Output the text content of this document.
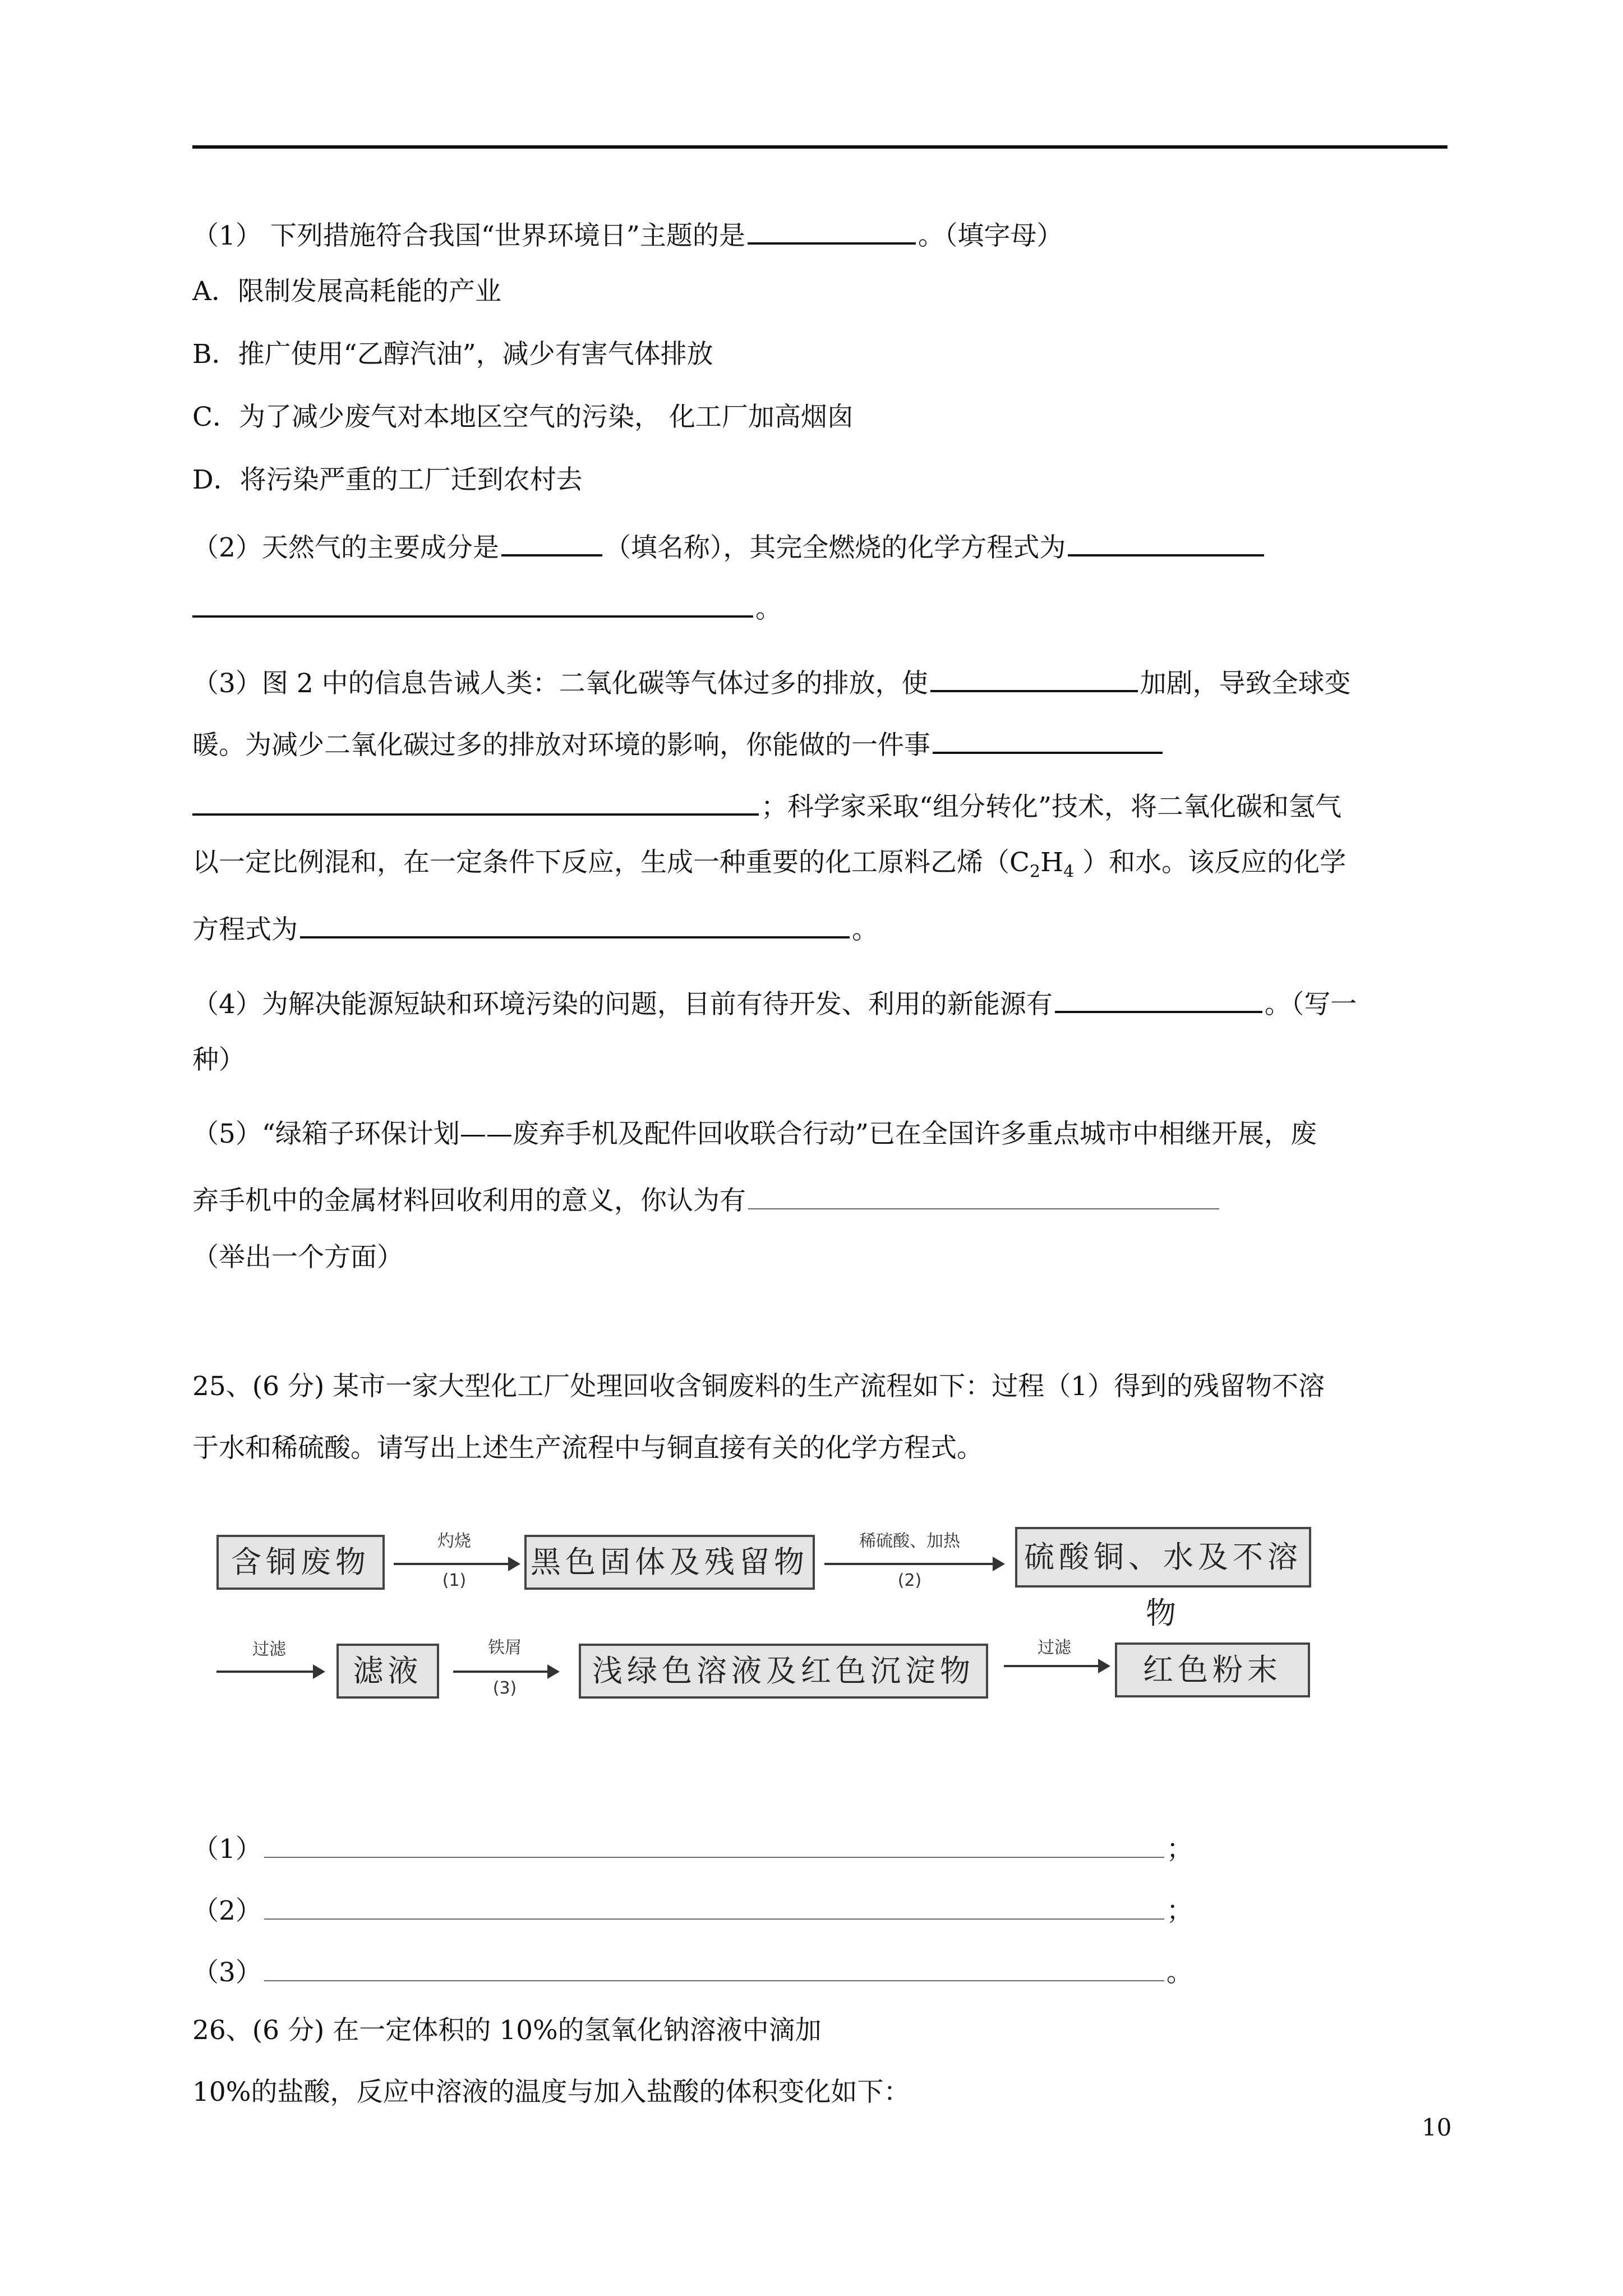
（1） 下列措施符合我国“世界环境日”主题的是	。（填字母）
A．限制发展高耗能的产业
B．推广使用“乙醇汽油”，减少有害气体排放
C．为了减少废气对本地区空气的污染， 化工厂加高烟囱
D．将污染严重的工厂迁到农村去
（2）天然气的主要成分是	（填名称），其完全燃烧的化学方程式为
。
（3）图 2 中的信息告诫人类：二氧化碳等气体过多的排放，使	加剧，导致全球变
暖。为减少二氧化碳过多的排放对环境的影响，你能做的一件事
；科学家采取“组分转化”技术，将二氧化碳和氢气
以一定比例混和，在一定条件下反应，生成一种重要的化工原料乙烯（$C_2H_4$ ）和水。该反应的化学
方程式为	。
（4）为解决能源短缺和环境污染的问题，目前有待开发、利用的新能源有	。（写一
种）
（5）“绿箱子环保计划——废弃手机及配件回收联合行动”已在全国许多重点城市中相继开展，废
弃手机中的金属材料回收利用的意义，你认为有
（举出一个方面）
25、(6 分) 某市一家大型化工厂处理回收含铜废料的生产流程如下：过程（1）得到的残留物不溶
于水和稀硫酸。请写出上述生产流程中与铜直接有关的化学方程式。
含铜废物
灼烧
(1)
黑色固体及残留物
稀硫酸、加热
(2)
硫酸铜、水及不溶物
过滤
滤液
铁屑
(3)	浅绿色溶液及红色沉淀物
过滤
红色粉末
（1）	；
（2）	；
（3）	。
26、(6 分) 在一定体积的 10%的氢氧化钠溶液中滴加
10%的盐酸，反应中溶液的温度与加入盐酸的体积变化如下：
10
